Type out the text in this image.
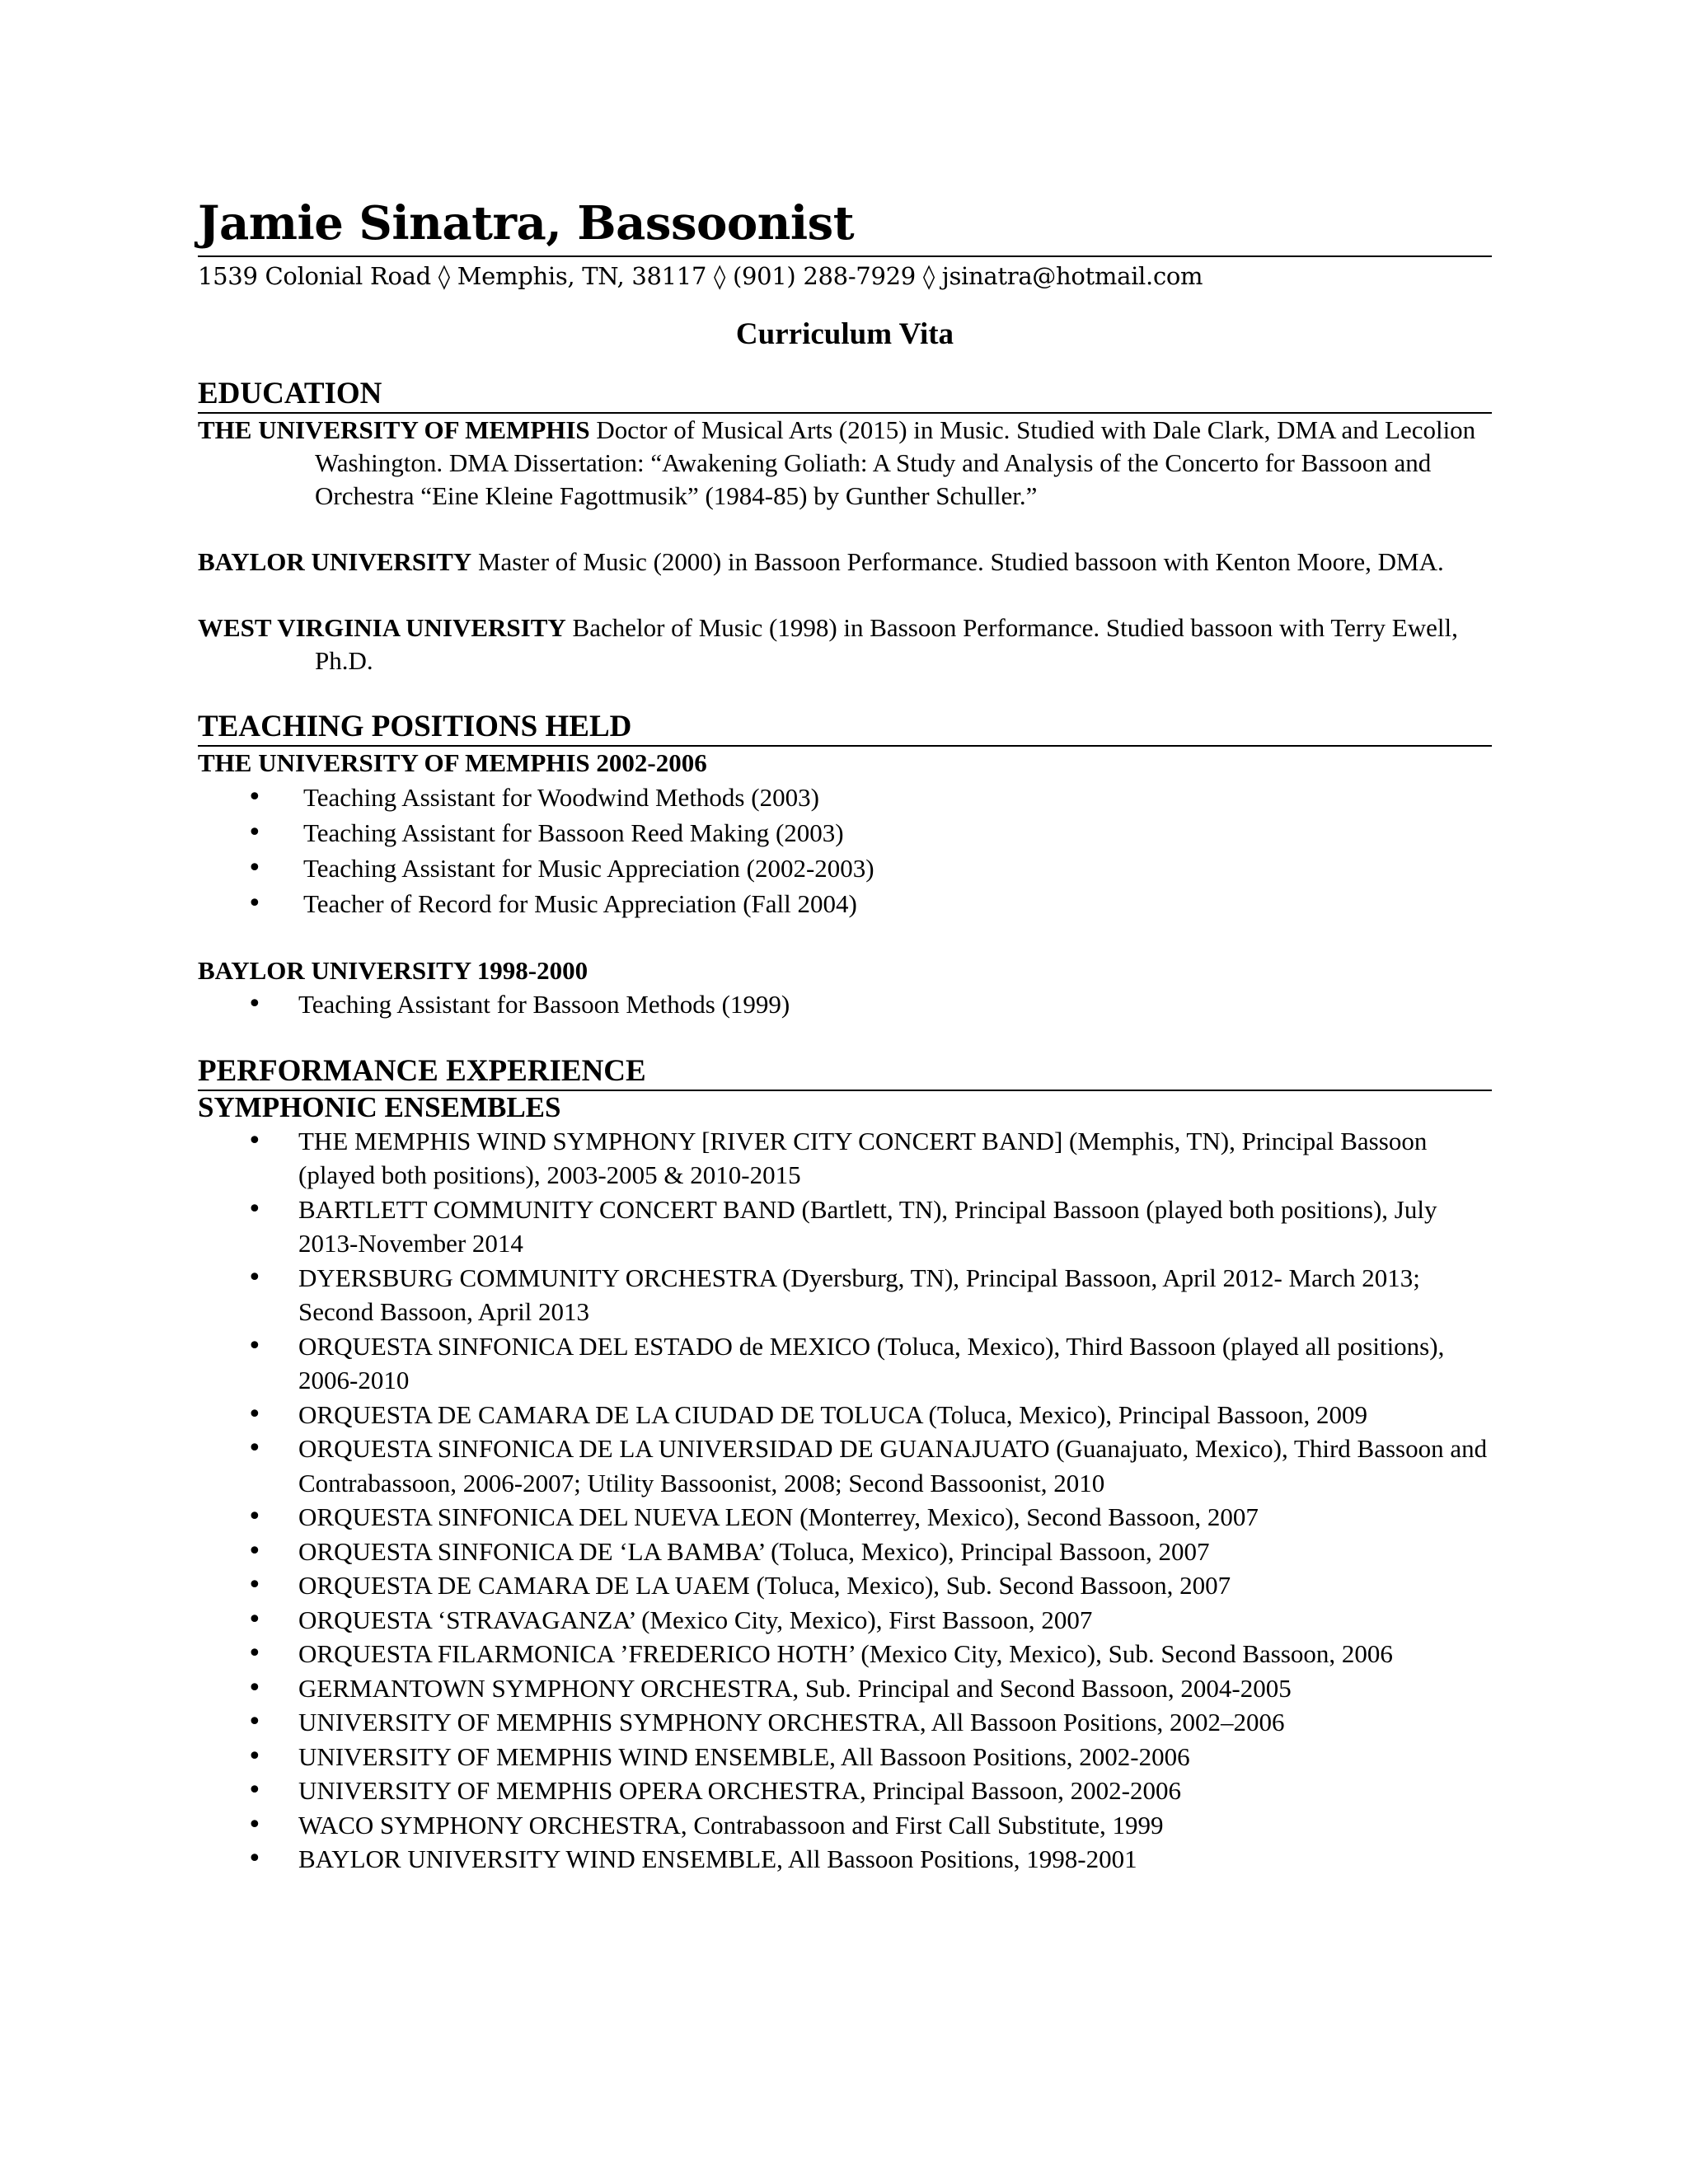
Jamie Sinatra, Bassoonist

1539 Colonial Road ◊ Memphis, TN, 38117 ◊ (901) 288-7929 ◊ jsinatra@hotmail.com

Curriculum Vita
EDUCATION

THE UNIVERSITY OF MEMPHIS Doctor of Musical Arts (2015) in Music. Studied with Dale Clark, DMA and Lecolion Washington. DMA Dissertation: “Awakening Goliath: A Study and Analysis of the Concerto for Bassoon and Orchestra “Eine Kleine Fagottmusik” (1984-85) by Gunther Schuller.”

BAYLOR UNIVERSITY Master of Music (2000) in Bassoon Performance. Studied bassoon with Kenton Moore, DMA.

WEST VIRGINIA UNIVERSITY Bachelor of Music (1998) in Bassoon Performance. Studied bassoon with Terry Ewell, Ph.D.

TEACHING POSITIONS HELD
THE UNIVERSITY OF MEMPHIS 2002-2006
• Teaching Assistant for Woodwind Methods (2003)
• Teaching Assistant for Bassoon Reed Making (2003)
• Teaching Assistant for Music Appreciation (2002-2003)
• Teacher of Record for Music Appreciation (Fall 2004)
BAYLOR UNIVERSITY 1998-2000
• Teaching Assistant for Bassoon Methods (1999)
PERFORMANCE EXPERIENCE
SYMPHONIC ENSEMBLES
• THE MEMPHIS WIND SYMPHONY [RIVER CITY CONCERT BAND] (Memphis, TN), Principal Bassoon (played both positions), 2003-2005 & 2010-2015
• BARTLETT COMMUNITY CONCERT BAND (Bartlett, TN), Principal Bassoon (played both positions), July 2013-November 2014
• DYERSBURG COMMUNITY ORCHESTRA (Dyersburg, TN), Principal Bassoon, April 2012- March 2013; Second Bassoon, April 2013
• ORQUESTA SINFONICA DEL ESTADO de MEXICO (Toluca, Mexico), Third Bassoon (played all positions), 2006-2010
• ORQUESTA DE CAMARA DE LA CIUDAD DE TOLUCA (Toluca, Mexico), Principal Bassoon, 2009
• ORQUESTA SINFONICA DE LA UNIVERSIDAD DE GUANAJUATO (Guanajuato, Mexico), Third Bassoon and Contrabassoon, 2006-2007; Utility Bassoonist, 2008; Second Bassoonist, 2010
• ORQUESTA SINFONICA DEL NUEVA LEON (Monterrey, Mexico), Second Bassoon, 2007
• ORQUESTA SINFONICA DE ‘LA BAMBA’ (Toluca, Mexico), Principal Bassoon, 2007
• ORQUESTA DE CAMARA DE LA UAEM (Toluca, Mexico), Sub. Second Bassoon, 2007
• ORQUESTA ‘STRAVAGANZA’ (Mexico City, Mexico), First Bassoon, 2007
• ORQUESTA FILARMONICA ’FREDERICO HOTH’ (Mexico City, Mexico), Sub. Second Bassoon, 2006
• GERMANTOWN SYMPHONY ORCHESTRA, Sub. Principal and Second Bassoon, 2004-2005
• UNIVERSITY OF MEMPHIS SYMPHONY ORCHESTRA, All Bassoon Positions, 2002–2006
• UNIVERSITY OF MEMPHIS WIND ENSEMBLE, All Bassoon Positions, 2002-2006
• UNIVERSITY OF MEMPHIS OPERA ORCHESTRA, Principal Bassoon, 2002-2006
• WACO SYMPHONY ORCHESTRA, Contrabassoon and First Call Substitute, 1999
• BAYLOR UNIVERSITY WIND ENSEMBLE, All Bassoon Positions, 1998-2001
